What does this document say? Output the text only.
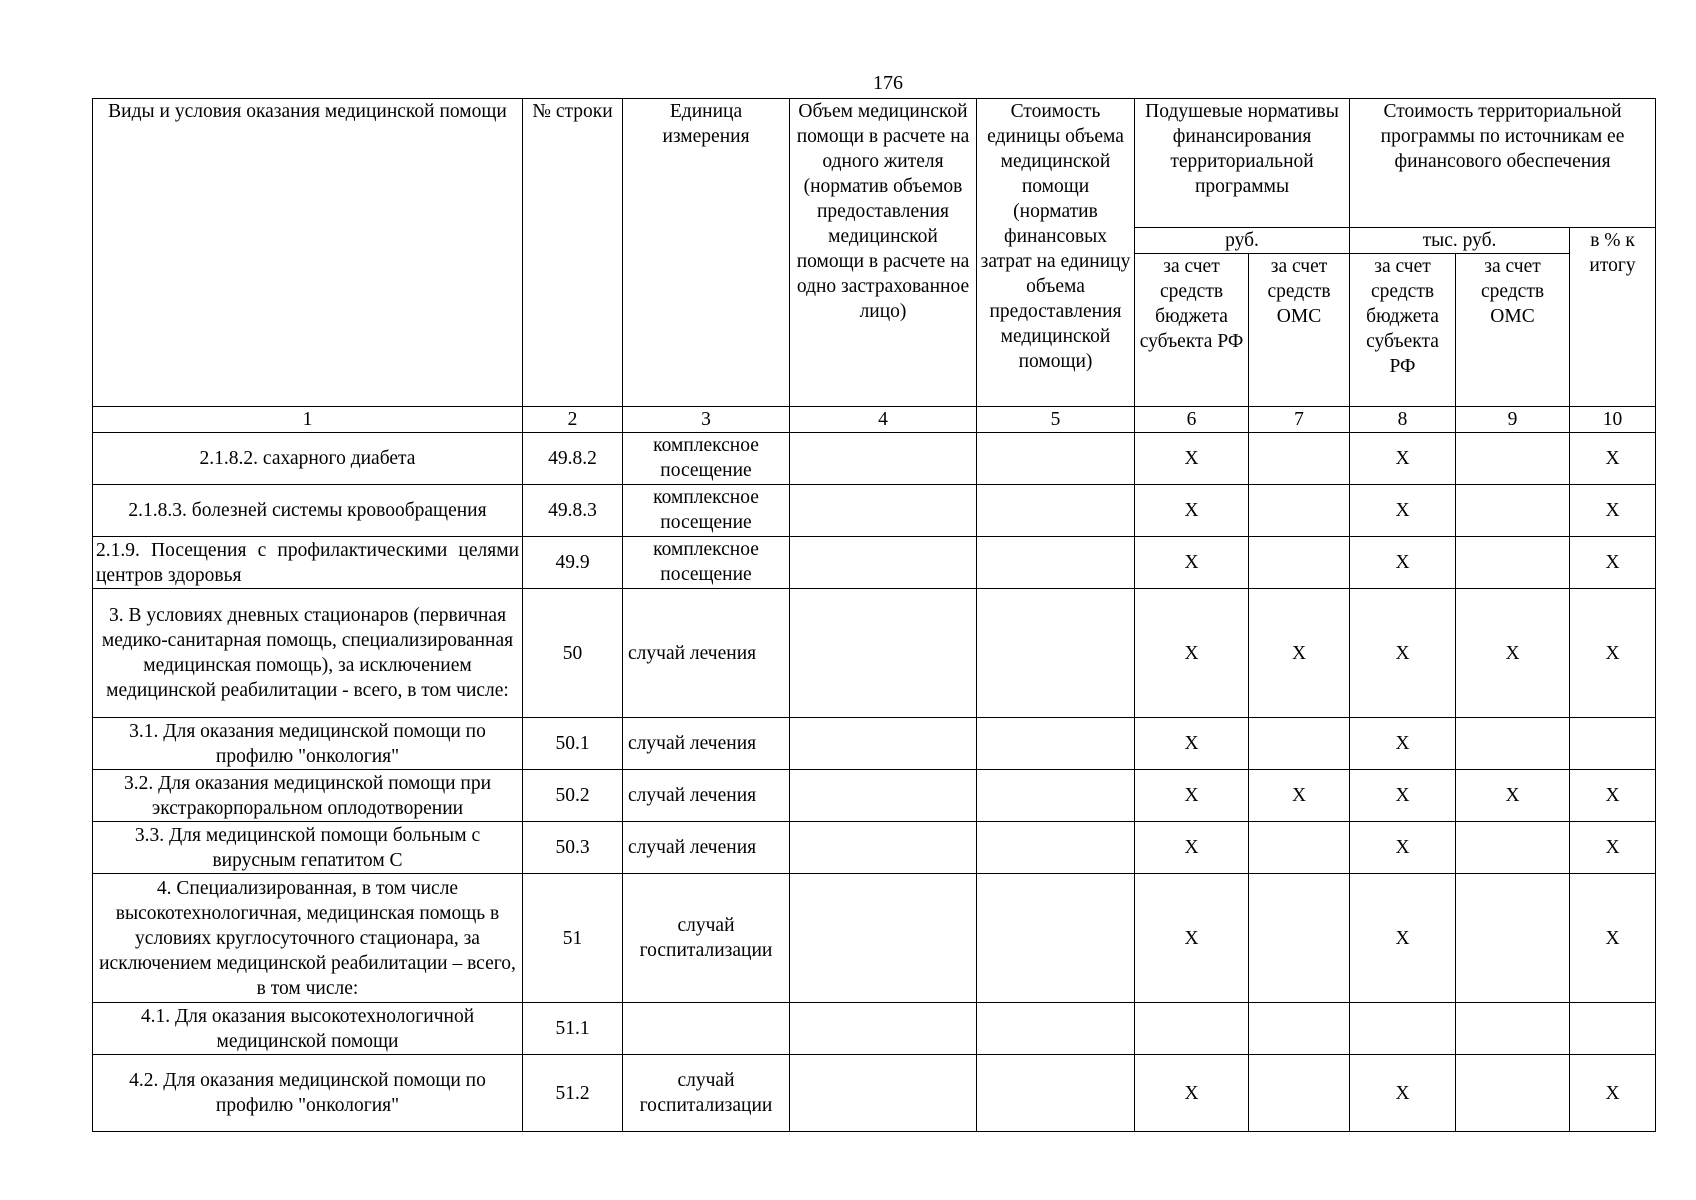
176
Виды и условия оказания медицинской помощи	№ строки	Единица измерения	Объем медицинской помощи в расчете на одного жителя (норматив объемов предоставления медицинской помощи в расчете на одно застрахованное лицо)	Стоимость единицы объема медицинской помощи (норматив финансовых затрат на единицу объема предоставления медицинской помощи)	Подушевые нормативы финансирования территориальной программы		Стоимость территориальной программы по источникам ее финансового обеспечения		
					руб.		тыс. руб.		в % к итогу
					за счет средств бюджета субъекта РФ	за счет средств ОМС	за счет средств бюджета субъекта РФ	за счет средств ОМС	
1	2	3	4	5	6	7	8	9	10
2.1.8.2. сахарного диабета	49.8.2	комплексное посещение			X		X		X
2.1.8.3. болезней системы кровообращения	49.8.3	комплексное посещение			X		X		X
2.1.9. Посещения с профилактическими целями центров здоровья	49.9	комплексное посещение			X		X		X
3. В условиях дневных стационаров (первичная медико-санитарная помощь, специализированная медицинская помощь), за исключением медицинской реабилитации - всего, в том числе:	50	случай лечения			X	X	X	X	X
3.1. Для оказания медицинской помощи по профилю "онкология"	50.1	случай лечения			X		X		
3.2. Для оказания медицинской помощи при экстракорпоральном оплодотворении	50.2	случай лечения			X	X	X	X	X
3.3. Для медицинской помощи больным с вирусным гепатитом С	50.3	случай лечения			X		X		X
4. Специализированная, в том числе высокотехнологичная, медицинская помощь в условиях круглосуточного стационара, за исключением медицинской реабилитации – всего, в том числе:	51	случай госпитализации			X		X		X
4.1. Для оказания высокотехнологичной медицинской помощи	51.1								
4.2. Для оказания медицинской помощи по профилю "онкология"	51.2	случай госпитализации			X		X		X
